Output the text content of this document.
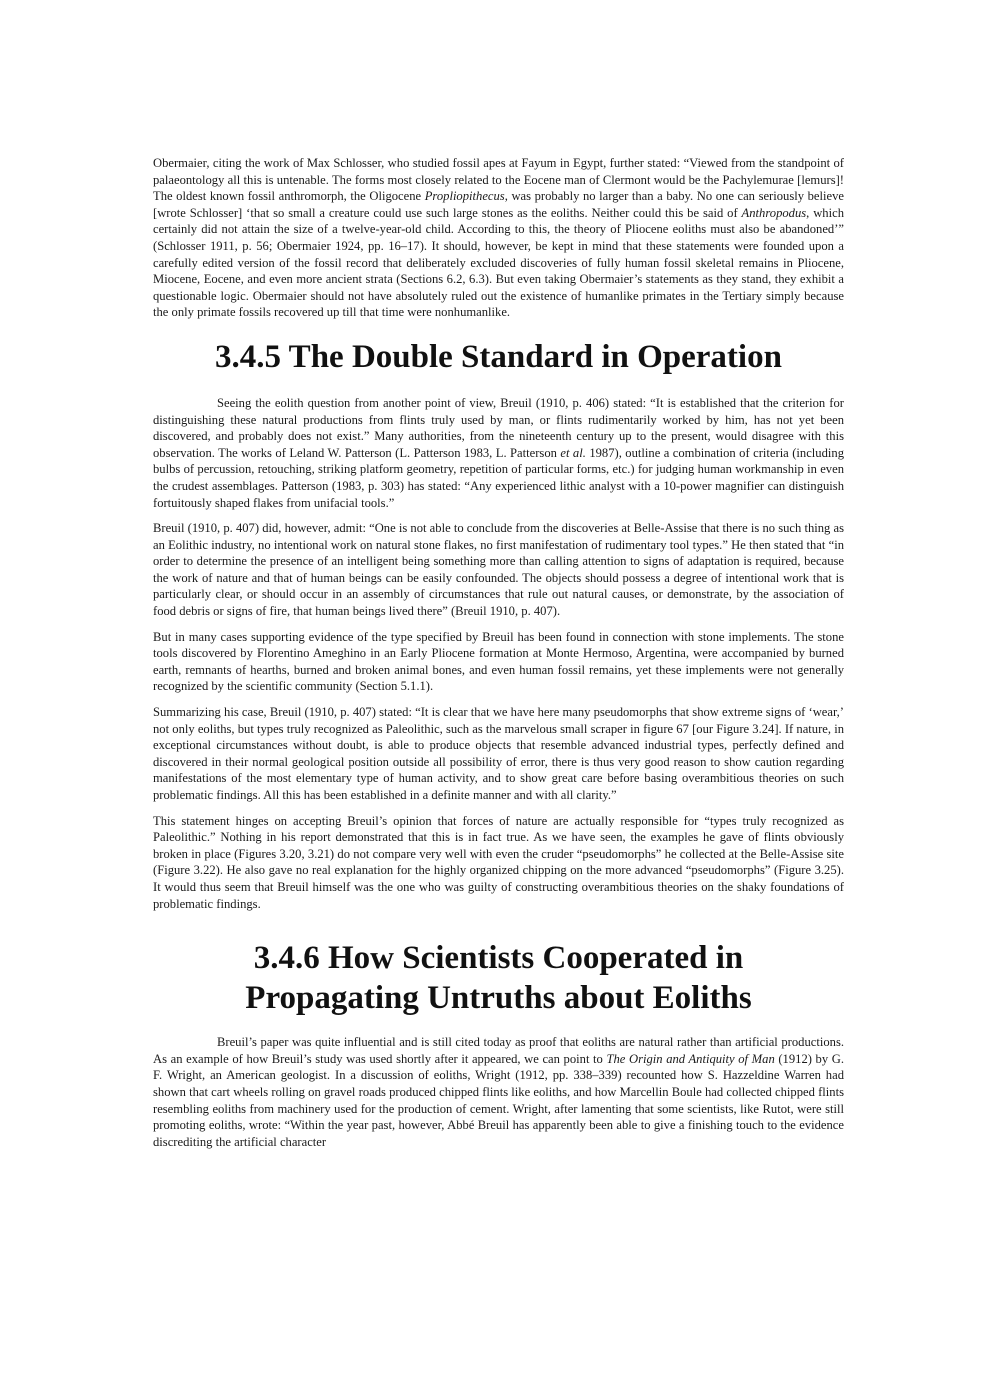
Obermaier, citing the work of Max Schlosser, who studied fossil apes at Fayum in Egypt, further stated: “Viewed from the standpoint of palaeontology all this is untenable. The forms most closely related to the Eocene man of Clermont would be the Pachylemurae [lemurs]! The oldest known fossil anthromorph, the Oligocene Propliopithecus, was probably no larger than a baby. No one can seriously believe [wrote Schlosser] ‘that so small a creature could use such large stones as the eoliths. Neither could this be said of Anthropodus, which certainly did not attain the size of a twelve-year-old child. According to this, the theory of Pliocene eoliths must also be abandoned’” (Schlosser 1911, p. 56; Obermaier 1924, pp. 16–17). It should, however, be kept in mind that these statements were founded upon a carefully edited version of the fossil record that deliberately excluded discoveries of fully human fossil skeletal remains in Pliocene, Miocene, Eocene, and even more ancient strata (Sections 6.2, 6.3). But even taking Obermaier’s statements as they stand, they exhibit a questionable logic. Obermaier should not have absolutely ruled out the existence of humanlike primates in the Tertiary simply because the only primate fossils recovered up till that time were nonhumanlike.

3.4.5 The Double Standard in Operation

Seeing the eolith question from another point of view, Breuil (1910, p. 406) stated: “It is established that the criterion for distinguishing these natural productions from flints truly used by man, or flints rudimentarily worked by him, has not yet been discovered, and probably does not exist.” Many authorities, from the nineteenth century up to the present, would disagree with this observation. The works of Leland W. Patterson (L. Patterson 1983, L. Patterson et al. 1987), outline a combination of criteria (including bulbs of percussion, retouching, striking platform geometry, repetition of particular forms, etc.) for judging human workmanship in even the crudest assemblages. Patterson (1983, p. 303) has stated: “Any experienced lithic analyst with a 10-power magnifier can distinguish fortuitously shaped flakes from unifacial tools.”

Breuil (1910, p. 407) did, however, admit: “One is not able to conclude from the discoveries at Belle-Assise that there is no such thing as an Eolithic industry, no intentional work on natural stone flakes, no first manifestation of rudimentary tool types.” He then stated that “in order to determine the presence of an intelligent being something more than calling attention to signs of adaptation is required, because the work of nature and that of human beings can be easily confounded. The objects should possess a degree of intentional work that is particularly clear, or should occur in an assembly of circumstances that rule out natural causes, or demonstrate, by the association of food debris or signs of fire, that human beings lived there” (Breuil 1910, p. 407).

But in many cases supporting evidence of the type specified by Breuil has been found in connection with stone implements. The stone tools discovered by Florentino Ameghino in an Early Pliocene formation at Monte Hermoso, Argentina, were accompanied by burned earth, remnants of hearths, burned and broken animal bones, and even human fossil remains, yet these implements were not generally recognized by the scientific community (Section 5.1.1).

Summarizing his case, Breuil (1910, p. 407) stated: “It is clear that we have here many pseudomorphs that show extreme signs of ‘wear,’ not only eoliths, but types truly recognized as Paleolithic, such as the marvelous small scraper in figure 67 [our Figure 3.24]. If nature, in exceptional circumstances without doubt, is able to produce objects that resemble advanced industrial types, perfectly defined and discovered in their normal geological position outside all possibility of error, there is thus very good reason to show caution regarding manifestations of the most elementary type of human activity, and to show great care before basing overambitious theories on such problematic findings. All this has been established in a definite manner and with all clarity.”

This statement hinges on accepting Breuil’s opinion that forces of nature are actually responsible for “types truly recognized as Paleolithic.” Nothing in his report demonstrated that this is in fact true. As we have seen, the examples he gave of flints obviously broken in place (Figures 3.20, 3.21) do not compare very well with even the cruder “pseudomorphs” he collected at the Belle-Assise site (Figure 3.22). He also gave no real explanation for the highly organized chipping on the more advanced “pseudomorphs” (Figure 3.25). It would thus seem that Breuil himself was the one who was guilty of constructing overambitious theories on the shaky foundations of problematic findings.

3.4.6 How Scientists Cooperated in
Propagating Untruths about Eoliths

Breuil’s paper was quite influential and is still cited today as proof that eoliths are natural rather than artificial productions. As an example of how Breuil’s study was used shortly after it appeared, we can point to The Origin and Antiquity of Man (1912) by G. F. Wright, an American geologist. In a discussion of eoliths, Wright (1912, pp. 338–339) recounted how S. Hazzeldine Warren had shown that cart wheels rolling on gravel roads produced chipped flints like eoliths, and how Marcellin Boule had collected chipped flints resembling eoliths from machinery used for the production of cement. Wright, after lamenting that some scientists, like Rutot, were still promoting eoliths, wrote: “Within the year past, however, Abbé Breuil has apparently been able to give a finishing touch to the evidence discrediting the artificial character
